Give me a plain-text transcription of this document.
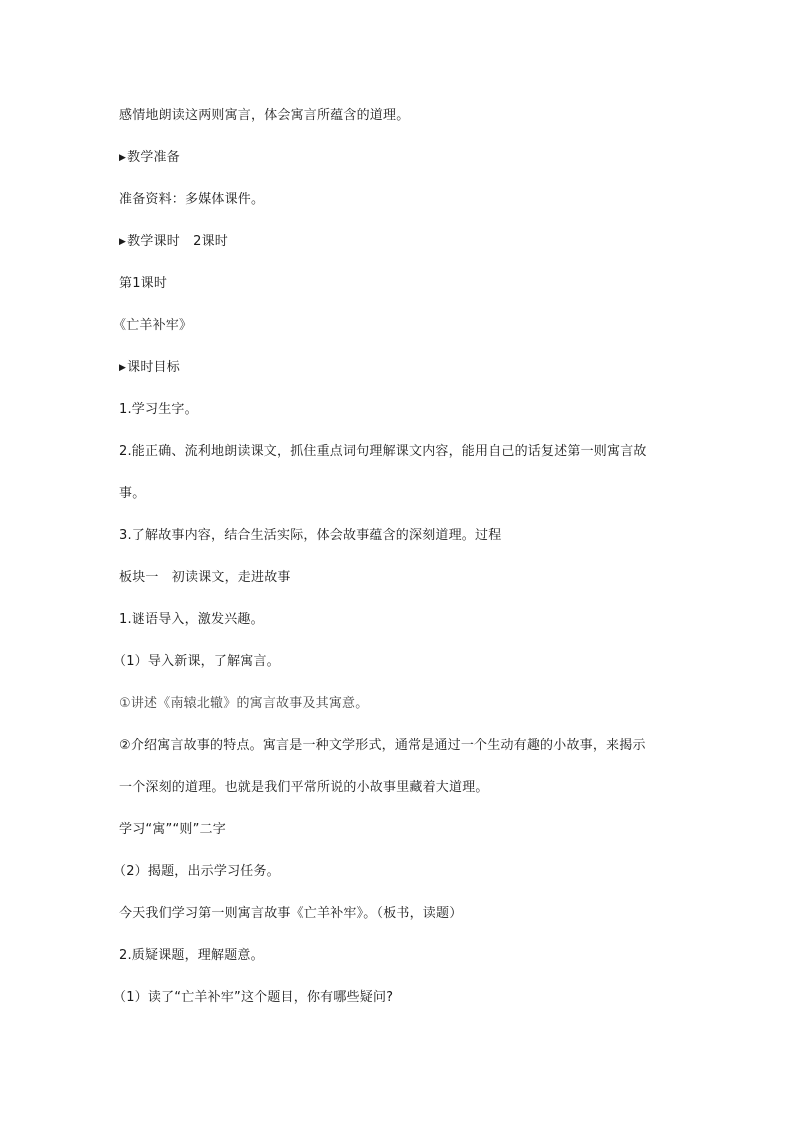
感情地朗读这两则寓言，体会寓言所蕴含的道理。
▶教学准备
准备资料：多媒体课件。
▶教学课时　2课时
第1课时
《亡羊补牢》
▶课时目标
1.学习生字。
2.能正确、流利地朗读课文，抓住重点词句理解课文内容，能用自己的话复述第一则寓言故
事。
3.了解故事内容，结合生活实际，体会故事蕴含的深刻道理。过程
板块一　初读课文，走进故事
1.谜语导入，激发兴趣。
（1）导入新课，了解寓言。
①讲述《南辕北辙》的寓言故事及其寓意。
②介绍寓言故事的特点。寓言是一种文学形式，通常是通过一个生动有趣的小故事，来揭示
一个深刻的道理。也就是我们平常所说的小故事里藏着大道理。
学习“寓”“则”二字
（2）揭题，出示学习任务。
今天我们学习第一则寓言故事《亡羊补牢》。（板书，读题）
2.质疑课题，理解题意。
（1）读了“亡羊补牢”这个题目，你有哪些疑问?
